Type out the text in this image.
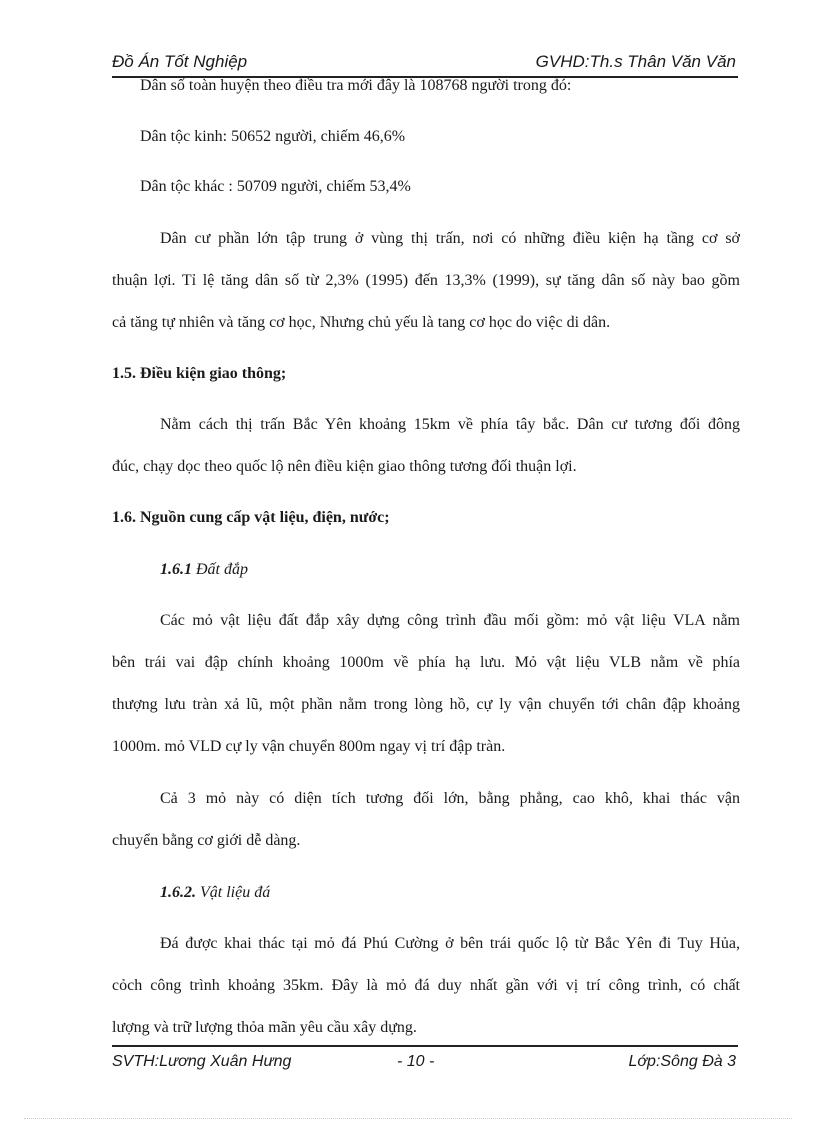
Đồ Án Tốt Nghiệp	GVHD:Th.s Thân Văn Văn
Dân số toàn huyện theo điều tra mới đây là 108768 người trong đó:
Dân tộc kinh: 50652 người, chiếm 46,6%
Dân tộc khác : 50709 người, chiếm 53,4%
Dân cư phần lớn tập trung ở vùng thị trấn, nơi có những điều kiện hạ tầng cơ sở
thuận lợi. Tỉ lệ tăng dân số từ 2,3% (1995) đến 13,3% (1999), sự tăng dân số này bao gồm
cả tăng tự nhiên và tăng cơ học, Nhưng chủ yếu là tang cơ học do việc di dân.
1.5. Điều kiện giao thông;
Nằm cách thị trấn Bắc Yên khoảng 15km về phía tây bắc. Dân cư tương đối đông
đúc, chạy dọc theo quốc lộ nên điều kiện giao thông tương đối thuận lợi.
1.6. Nguồn cung cấp vật liệu, điện, nước;
1.6.1 Đất đắp
Các mỏ vật liệu đất đắp xây dựng công trình đầu mối gồm: mỏ vật liệu VLA nằm
bên trái vai đập chính khoảng 1000m về phía hạ lưu. Mỏ vật liệu VLB nằm về phía
thượng lưu tràn xả lũ, một phần nằm trong lòng hồ, cự ly vận chuyển tới chân đập khoảng
1000m. mỏ VLD cự ly vận chuyển 800m ngay vị trí đập tràn.
Cả 3 mỏ này có diện tích tương đối lớn, bằng phẳng, cao khô, khai thác vận
chuyển bằng cơ giới dễ dàng.
1.6.2. Vật liệu đá
Đá được khai thác tại mỏ đá Phú Cường ở bên trái quốc lộ từ Bắc Yên đi Tuy Hủa,
cỏch công trình khoảng 35km. Đây là mỏ đá duy nhất gần với vị trí công trình, có chất
lượng và trữ lượng thỏa mãn yêu cầu xây dựng.
SVTH:Lương Xuân Hưng	- 10 -	Lớp:Sông Đà 3
